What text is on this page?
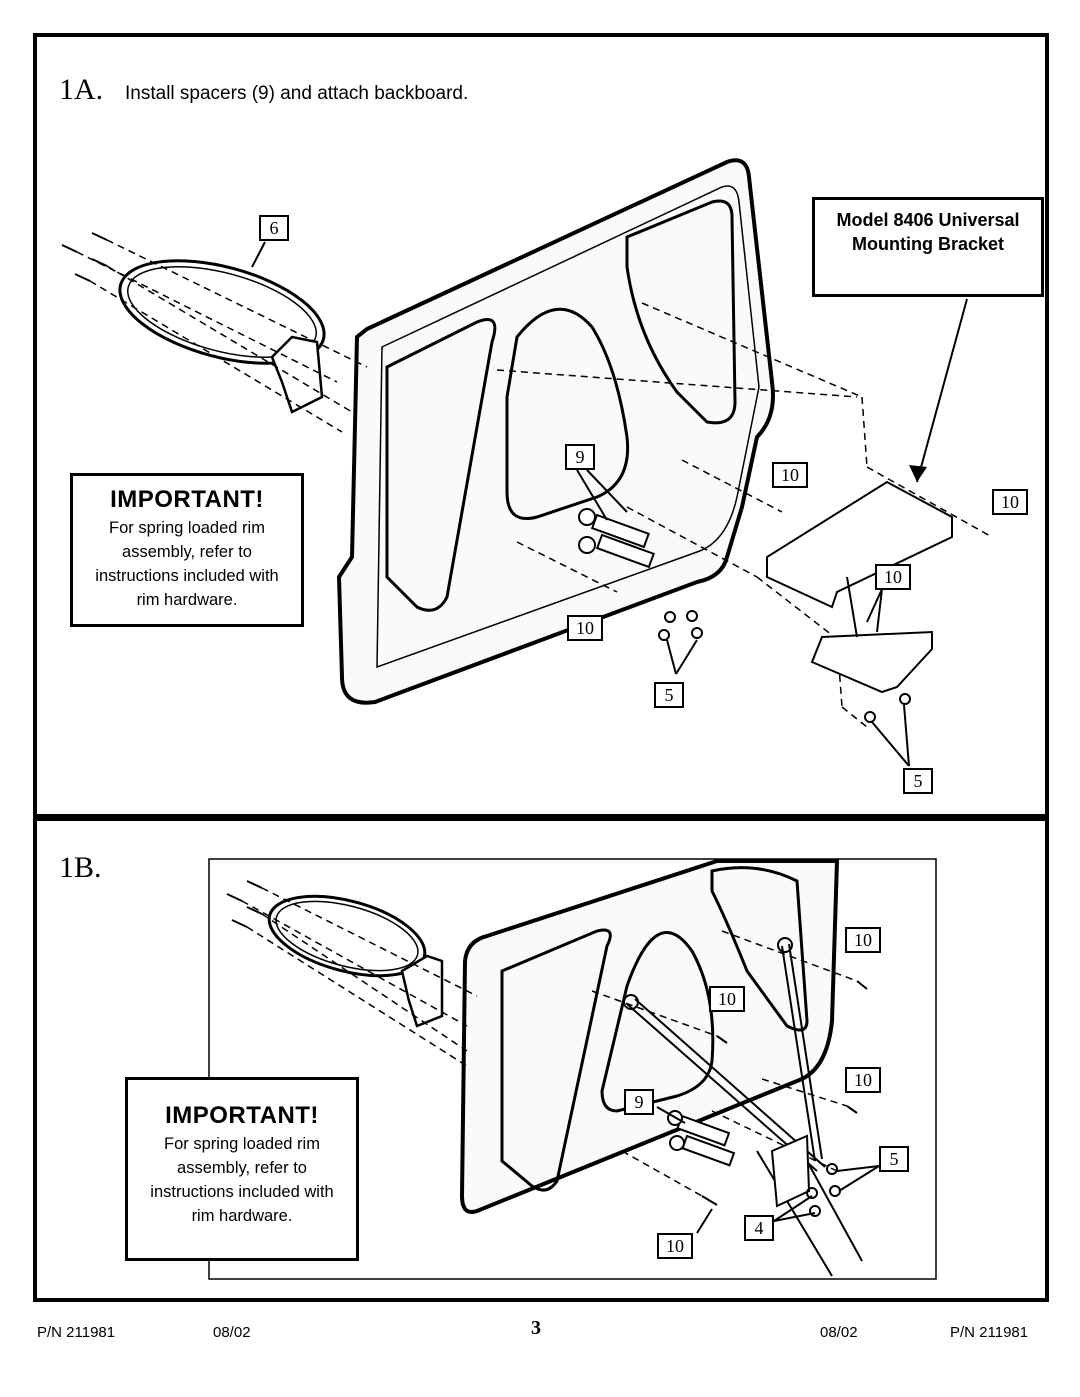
1A. Install spacers (9) and attach backboard.
6
9
10
10
10
10
5
5
Model 8406 Universal
Mounting Bracket
IMPORTANT!
For spring loaded rim
assembly, refer to
instructions included with
rim hardware.
1B.
10
10
10
9
5
4
10
IMPORTANT!
For spring loaded rim
assembly, refer to
instructions included with
rim hardware.
P/N 211981	08/02	3	08/02	P/N 211981
